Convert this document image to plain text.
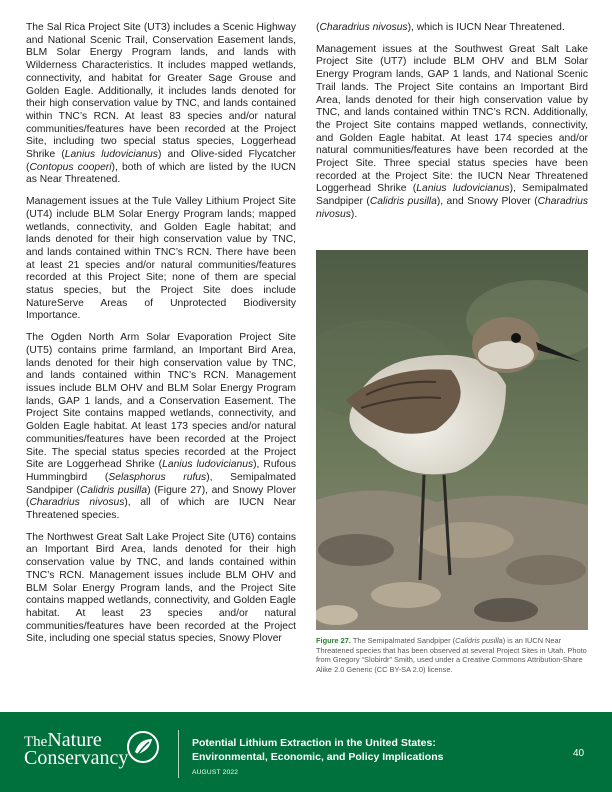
The Sal Rica Project Site (UT3) includes a Scenic Highway and National Scenic Trail, Conservation Easement lands, BLM Solar Energy Program lands, and lands with Wilderness Characteristics. It includes mapped wetlands, connectivity, and habitat for Greater Sage Grouse and Golden Eagle. Additionally, it includes lands denoted for their high conservation value by TNC, and lands contained within TNC’s RCN. At least 83 species and/or natural communities/features have been recorded at the Project Site, including two special status species, Loggerhead Shrike (Lanius ludovicianus) and Olive-sided Flycatcher (Contopus cooperi), both of which are listed by the IUCN as Near Threatened.

Management issues at the Tule Valley Lithium Project Site (UT4) include BLM Solar Energy Program lands; mapped wetlands, connectivity, and Golden Eagle habitat; and lands denoted for their high conservation value by TNC, and lands contained within TNC’s RCN. There have been at least 21 species and/or natural communities/features recorded at this Project Site; none of them are special status species, but the Project Site does include NatureServe Areas of Unprotected Biodiversity Importance.

The Ogden North Arm Solar Evaporation Project Site (UT5) contains prime farmland, an Important Bird Area, lands denoted for their high conservation value by TNC, and lands contained within TNC’s RCN. Management issues include BLM OHV and BLM Solar Energy Program lands, GAP 1 lands, and a Conservation Easement. The Project Site contains mapped wetlands, connectivity, and Golden Eagle habitat. At least 173 species and/or natural communities/features have been recorded at the Project Site. The special status species recorded at the Project Site are Loggerhead Shrike (Lanius ludovicianus), Rufous Hummingbird (Selasphorus rufus), Semipalmated Sandpiper (Calidris pusilla) (Figure 27), and Snowy Plover (Charadrius nivosus), all of which are IUCN Near Threatened species.

The Northwest Great Salt Lake Project Site (UT6) contains an Important Bird Area, lands denoted for their high conservation value by TNC, and lands contained within TNC’s RCN. Management issues include BLM OHV and BLM Solar Energy Program lands, and the Project Site contains mapped wetlands, connectivity, and Golden Eagle habitat. At least 23 species and/or natural communities/features have been recorded at the Project Site, including one special status species, Snowy Plover

(Charadrius nivosus), which is IUCN Near Threatened.

Management issues at the Southwest Great Salt Lake Project Site (UT7) include BLM OHV and BLM Solar Energy Program lands, GAP 1 lands, and National Scenic Trail lands. The Project Site contains an Important Bird Area, lands denoted for their high conservation value by TNC, and lands contained within TNC’s RCN. Additionally, the Project Site contains mapped wetlands, connectivity, and Golden Eagle habitat. At least 174 species and/or natural communities/features have been recorded at the Project Site. Three special status species have been recorded at the Project Site: the IUCN Near Threatened Loggerhead Shrike (Lanius ludovicianus), Semipalmated Sandpiper (Calidris pusilla), and Snowy Plover (Charadrius nivosus).

Figure 27. The Semipalmated Sandpiper (Calidris pusilla) is an IUCN Near Threatened species that has been observed at several Project Sites in Utah. Photo from Gregory “Slobirdr” Smith, used under a Creative Commons Attribution-Share Alike 2.0 Generic (CC BY-SA 2.0) license.
TheNature
Conservancy
Potential Lithium Extraction in the United States:
Environmental, Economic, and Policy Implications
AUGUST 2022
40
